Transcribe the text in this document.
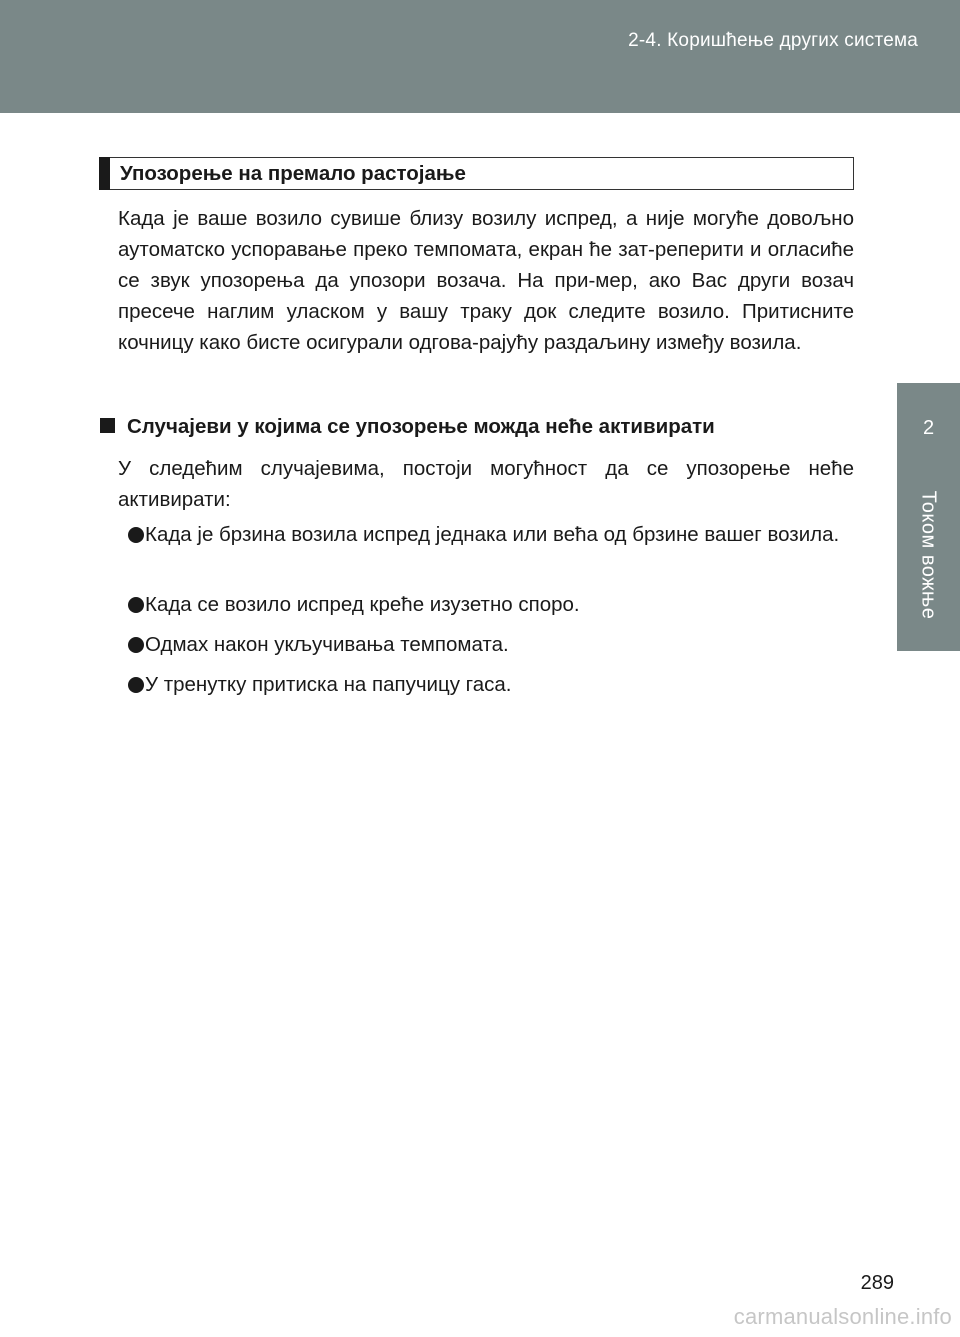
2-4. Коришћење других система
2
Током вожње
Упозорење на премало растојање

Када је ваше возило сувише близу возилу испред, а није могуће довољно аутоматско успоравање преко темпомата, екран ће зат-реперити и огласиће се звук упозорења да упозори возача. На при-мер, ако Вас други возач пресече наглим уласком у вашу траку док следите возило. Притисните кочницу како бисте осигурали одгова-рајућу раздаљину између возила.

Случајеви у којима се упозорење можда неће активирати

У следећим случајевима, постоји могућност да се упозорење неће активирати:

Када је брзина возила испред једнака или већа од брзине вашег возила.
Када се возило испред креће изузетно споро.
Одмах након укључивања темпомата.
У тренутку притиска на папучицу гаса.
289
carmanualsonline.info
